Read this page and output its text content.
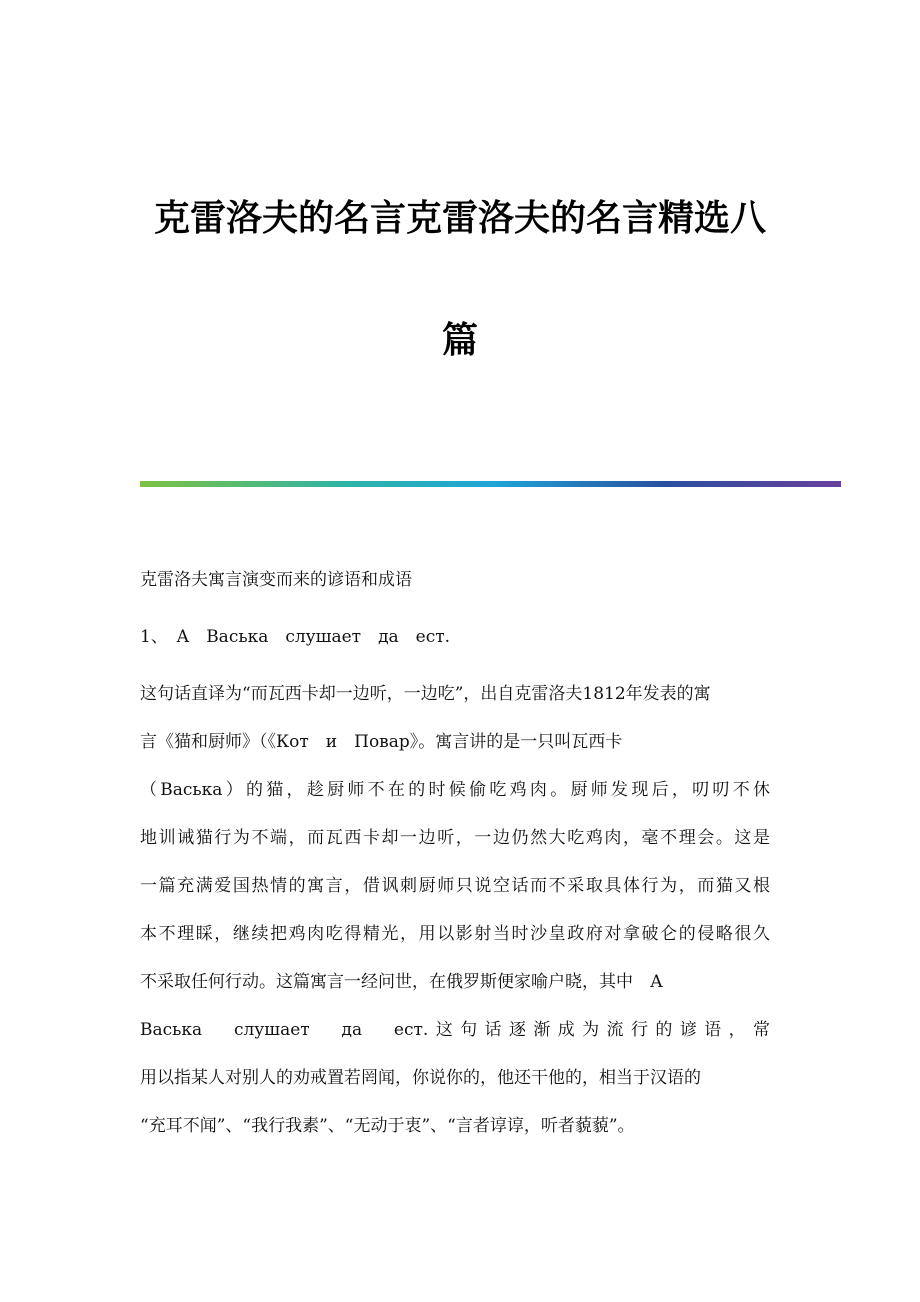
克雷洛夫的名言克雷洛夫的名言精选八
篇

克雷洛夫寓言演变而来的谚语和成语

1、　А　Васька　слушает　да　ест.

这句话直译为“而瓦西卡却一边听，一边吃”，出自克雷洛夫1812年发表的寓

言《猫和厨师》（《Кот　и　Повар》。寓言讲的是一只叫瓦西卡

（Васька）的猫，趁厨师不在的时候偷吃鸡肉。厨师发现后，叨叨不休

地训诫猫行为不端，而瓦西卡却一边听，一边仍然大吃鸡肉，毫不理会。这是

一篇充满爱国热情的寓言，借讽刺厨师只说空话而不采取具体行为，而猫又根

本不理睬，继续把鸡肉吃得精光，用以影射当时沙皇政府对拿破仑的侵略很久

不采取任何行动。这篇寓言一经问世，在俄罗斯便家喻户晓，其中　А

Васька　слушает　да　ест.这句话逐渐成为流行的谚语，常

用以指某人对别人的劝戒置若罔闻，你说你的，他还干他的，相当于汉语的

“充耳不闻”、“我行我素”、“无动于衷”、“言者谆谆，听者藐藐”。
